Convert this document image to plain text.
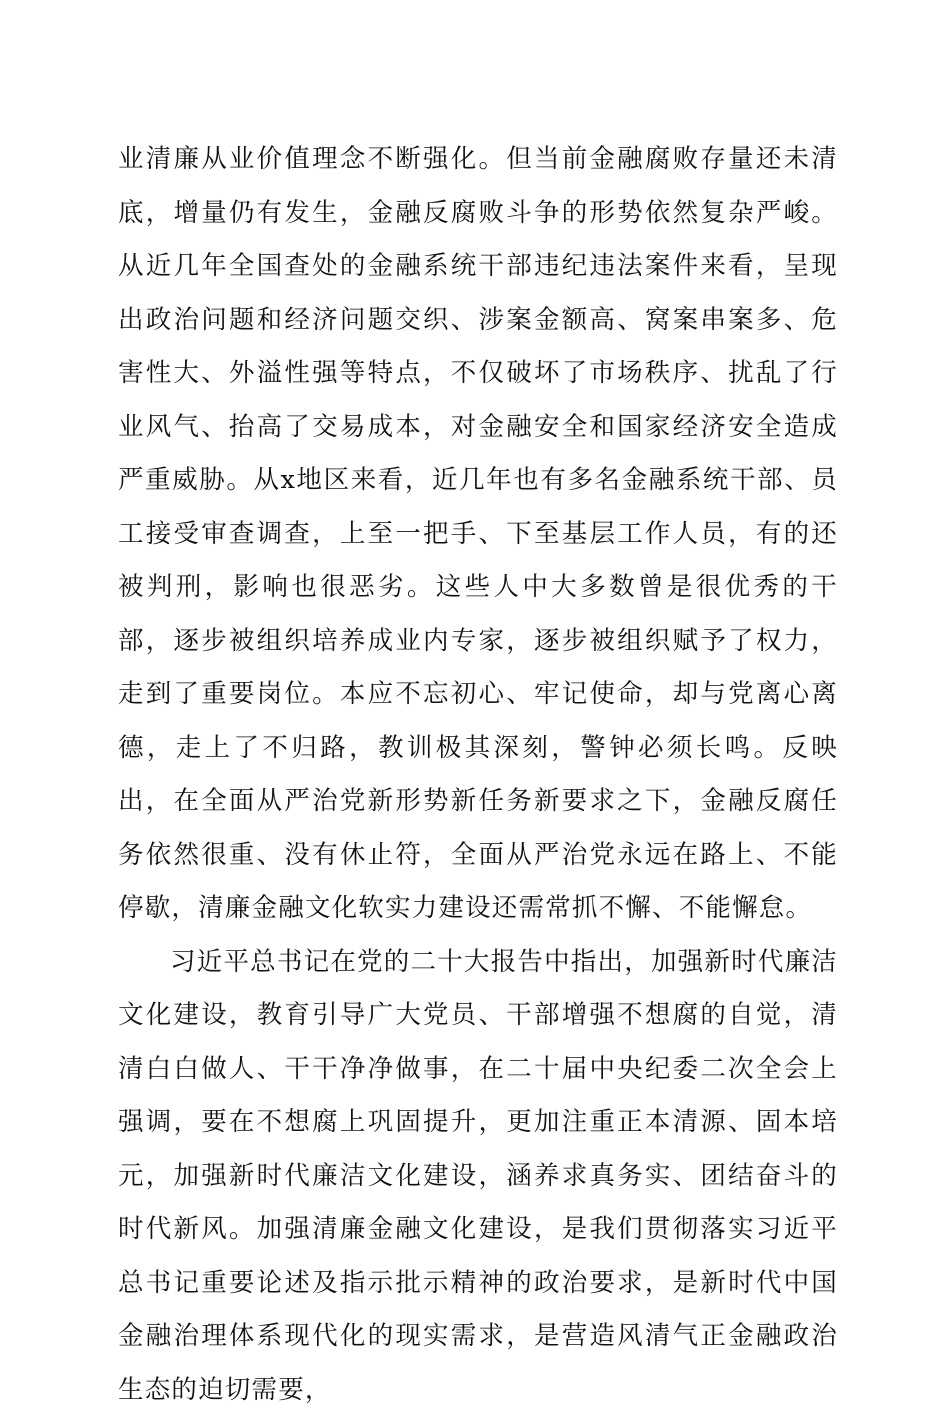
业清廉从业价值理念不断强化。但当前金融腐败存量还未清底，增量仍有发生，金融反腐败斗争的形势依然复杂严峻。从近几年全国查处的金融系统干部违纪违法案件来看，呈现出政治问题和经济问题交织、涉案金额高、窝案串案多、危害性大、外溢性强等特点，不仅破坏了市场秩序、扰乱了行业风气、抬高了交易成本，对金融安全和国家经济安全造成严重威胁。从x地区来看，近几年也有多名金融系统干部、员工接受审查调查，上至一把手、下至基层工作人员，有的还被判刑，影响也很恶劣。这些人中大多数曾是很优秀的干部，逐步被组织培养成业内专家，逐步被组织赋予了权力，走到了重要岗位。本应不忘初心、牢记使命，却与党离心离德，走上了不归路，教训极其深刻，警钟必须长鸣。反映出，在全面从严治党新形势新任务新要求之下，金融反腐任务依然很重、没有休止符，全面从严治党永远在路上、不能停歇，清廉金融文化软实力建设还需常抓不懈、不能懈怠。

习近平总书记在党的二十大报告中指出，加强新时代廉洁文化建设，教育引导广大党员、干部增强不想腐的自觉，清清白白做人、干干净净做事，在二十届中央纪委二次全会上强调，要在不想腐上巩固提升，更加注重正本清源、固本培元，加强新时代廉洁文化建设，涵养求真务实、团结奋斗的时代新风。加强清廉金融文化建设，是我们贯彻落实习近平总书记重要论述及指示批示精神的政治要求，是新时代中国金融治理体系现代化的现实需求，是营造风清气正金融政治生态的迫切需要，
